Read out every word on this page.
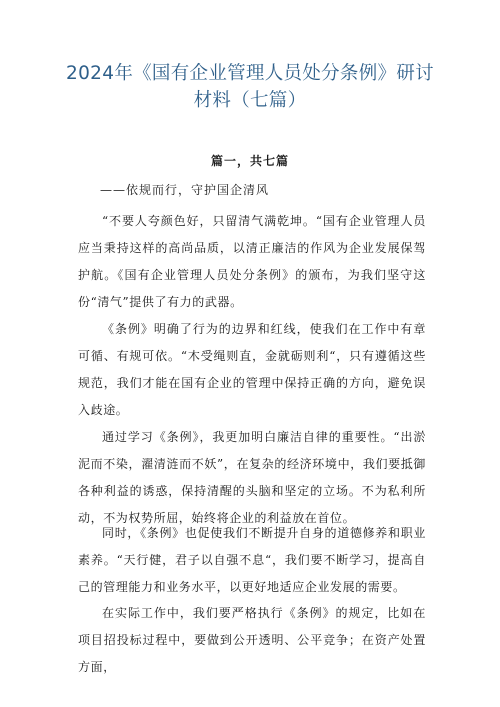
2024年《国有企业管理人员处分条例》研讨材料（七篇）
篇一，共七篇
——依规而行，守护国企清风

“不要人夸颜色好，只留清气满乾坤。“国有企业管理人员应当秉持这样的高尚品质，以清正廉洁的作风为企业发展保驾护航。《国有企业管理人员处分条例》的颁布，为我们坚守这份“清气”提供了有力的武器。

《条例》明确了行为的边界和红线，使我们在工作中有章可循、有规可依。“木受绳则直，金就砺则利“，只有遵循这些规范，我们才能在国有企业的管理中保持正确的方向，避免误入歧途。

通过学习《条例》，我更加明白廉洁自律的重要性。“出淤泥而不染，濯清涟而不妖”，在复杂的经济环境中，我们要抵御各种利益的诱惑，保持清醒的头脑和坚定的立场。不为私利所动，不为权势所屈，始终将企业的利益放在首位。

同时，《条例》也促使我们不断提升自身的道德修养和职业素养。“天行健，君子以自强不息“，我们要不断学习，提高自己的管理能力和业务水平，以更好地适应企业发展的需要。

在实际工作中，我们要严格执行《条例》的规定，比如在项目招投标过程中，要做到公开透明、公平竞争；在资产处置方面，
